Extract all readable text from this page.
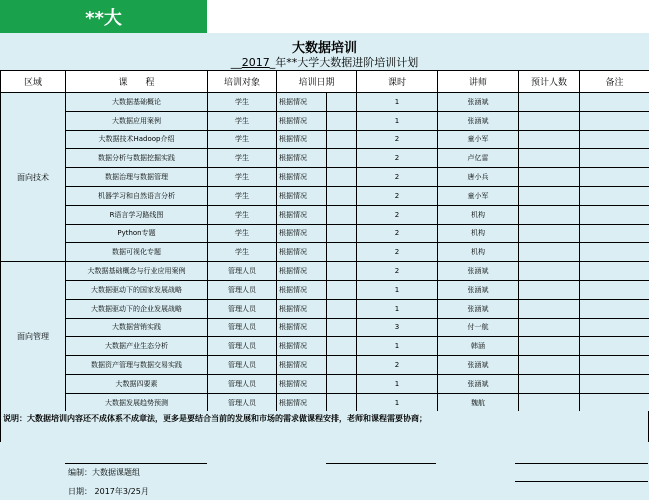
**大
大数据培训
__2017_年**大学大数据进阶培训计划
区域	课　　程	培训对象	培训日期		课时	讲师	预计人数	备注
面向技术	大数据基础概论	学生	根据情况		1	张涵斌		
	大数据应用案例	学生	根据情况		1	张涵斌		
	大数据技术Hadoop介绍	学生	根据情况		2	童小军		
	数据分析与数据挖掘实践	学生	根据情况		2	卢亿雷		
	数据治理与数据管理	学生	根据情况		2	唐小兵		
	机器学习和自然语言分析	学生	根据情况		2	童小军		
	R语言学习路线图	学生	根据情况		2	机构		
	Python专题	学生	根据情况		2	机构		
	数据可视化专题	学生	根据情况		2	机构		
面向管理	大数据基础概念与行业应用案例	管理人员	根据情况		2	张涵斌		
	大数据驱动下的国家发展战略	管理人员	根据情况		1	张涵斌		
	大数据驱动下的企业发展战略	管理人员	根据情况		1	张涵斌		
	大数据营销实践	管理人员	根据情况		3	付一航		
	大数据产业生态分析	管理人员	根据情况		1	韩涵		
	数据资产管理与数据交易实践	管理人员	根据情况		2	张涵斌		
	大数据四要素	管理人员	根据情况		1	张涵斌		
	大数据发展趋势预测	管理人员	根据情况		1	魏航		
说明：大数据培训内容还不成体系不成章法，更多是要结合当前的发展和市场的需求做课程安排，老师和课程需要协商；
编制：大数据课题组
日期： 2017年3/25月
